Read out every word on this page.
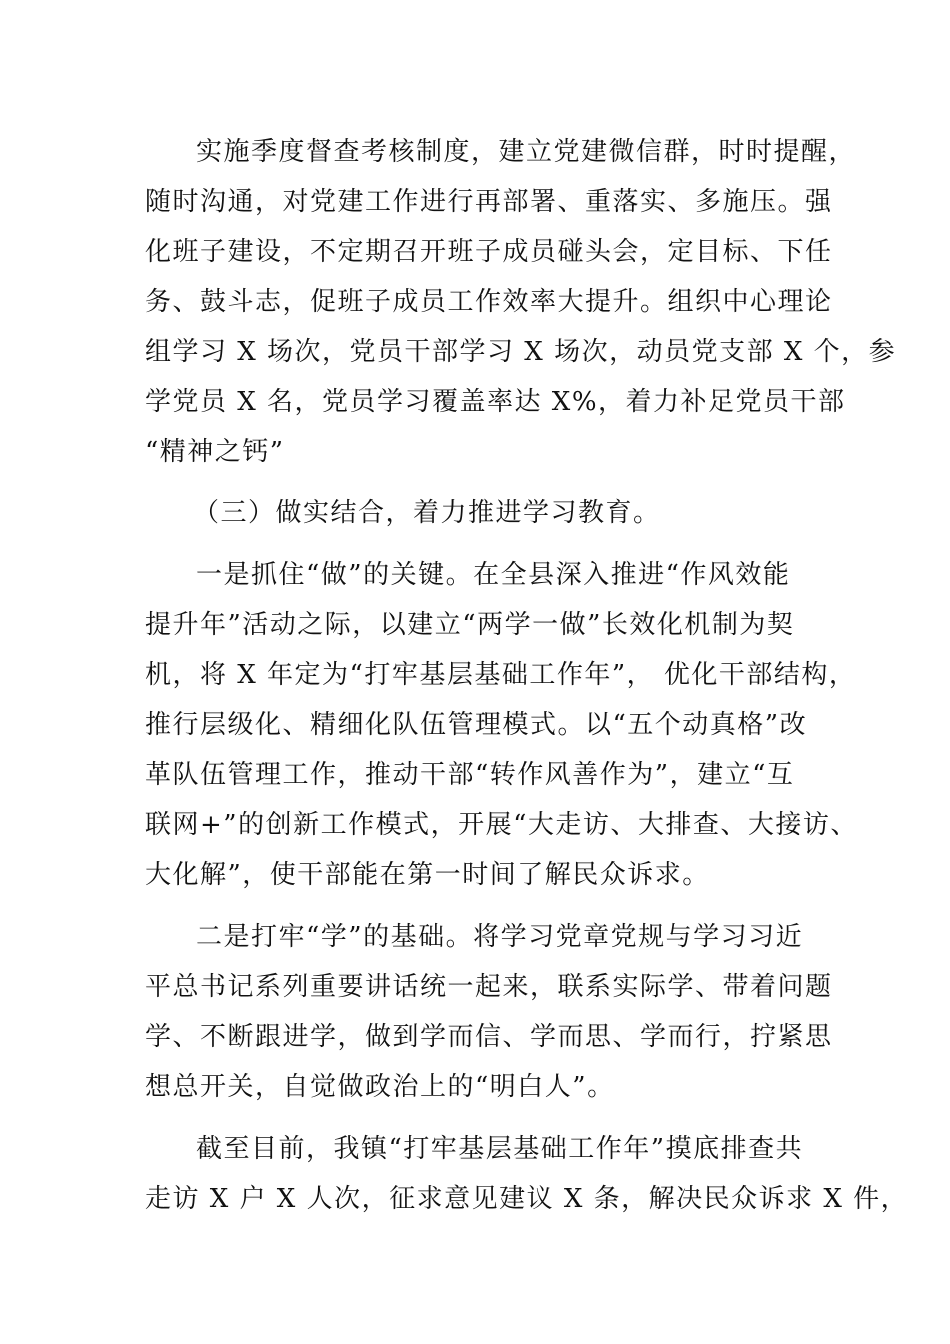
实施季度督查考核制度，建立党建微信群，时时提醒，
随时沟通，对党建工作进行再部署、重落实、多施压。强
化班子建设，不定期召开班子成员碰头会，定目标、下任
务、鼓斗志，促班子成员工作效率大提升。组织中心理论
组学习 X 场次，党员干部学习 X 场次，动员党支部 X 个，参
学党员 X 名，党员学习覆盖率达 X%，着力补足党员干部
“精神之钙”
（三）做实结合，着力推进学习教育。
一是抓住“做”的关键。在全县深入推进“作风效能
提升年”活动之际，以建立“两学一做”长效化机制为契
机，将 X 年定为“打牢基层基础工作年”， 优化干部结构，
推行层级化、精细化队伍管理模式。以“五个动真格”改
革队伍管理工作，推动干部“转作风善作为”，建立“互
联网+”的创新工作模式，开展“大走访、大排查、大接访、
大化解”，使干部能在第一时间了解民众诉求。
二是打牢“学”的基础。将学习党章党规与学习习近
平总书记系列重要讲话统一起来，联系实际学、带着问题
学、不断跟进学，做到学而信、学而思、学而行，拧紧思
想总开关，自觉做政治上的“明白人”。
截至目前，我镇“打牢基层基础工作年”摸底排查共
走访 X 户 X 人次，征求意见建议 X 条，解决民众诉求 X 件，
